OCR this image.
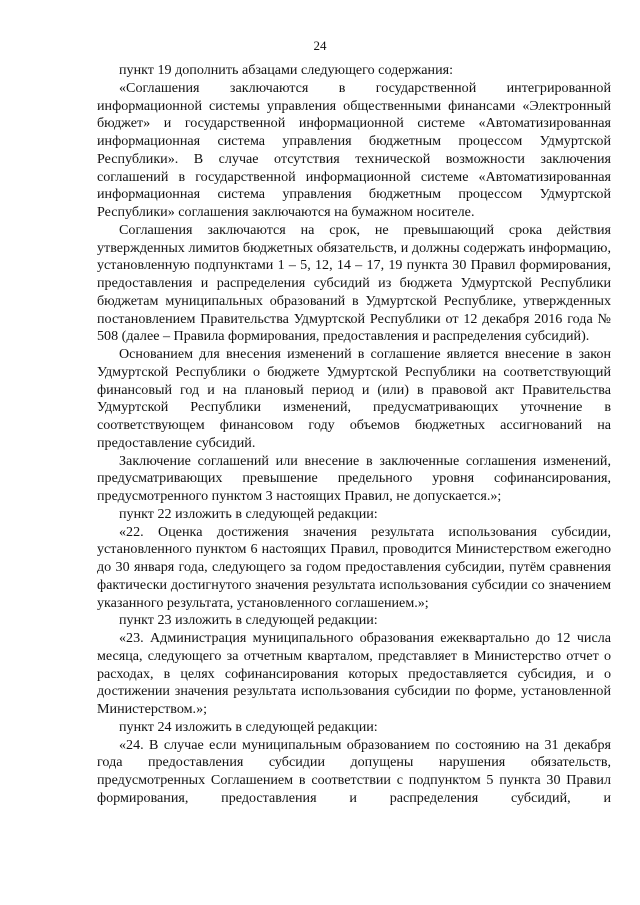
24

пункт 19 дополнить абзацами следующего содержания:

«Соглашения заключаются в государственной интегрированной информационной системы управления общественными финансами «Электронный бюджет» и государственной информационной системе «Автоматизированная информационная система управления бюджетным процессом Удмуртской Республики». В случае отсутствия технической возможности заключения соглашений в государственной информационной системе «Автоматизированная информационная система управления бюджетным процессом Удмуртской Республики» соглашения заключаются на бумажном носителе.

Соглашения заключаются на срок, не превышающий срока действия утвержденных лимитов бюджетных обязательств, и должны содержать информацию, установленную подпунктами 1 – 5, 12, 14 – 17, 19 пункта 30 Правил формирования, предоставления и распределения субсидий из бюджета Удмуртской Республики бюджетам муниципальных образований в Удмуртской Республике, утвержденных постановлением Правительства Удмуртской Республики от 12 декабря 2016 года № 508 (далее – Правила формирования, предоставления и распределения субсидий).

Основанием для внесения изменений в соглашение является внесение в закон Удмуртской Республики о бюджете Удмуртской Республики на соответствующий финансовый год и на плановый период и (или) в правовой акт Правительства Удмуртской Республики изменений, предусматривающих уточнение в соответствующем финансовом году объемов бюджетных ассигнований на предоставление субсидий.

Заключение соглашений или внесение в заключенные соглашения изменений, предусматривающих превышение предельного уровня софинансирования, предусмотренного пунктом 3 настоящих Правил, не допускается.»;

пункт 22 изложить в следующей редакции:

«22. Оценка достижения значения результата использования субсидии, установленного пунктом 6 настоящих Правил, проводится Министерством ежегодно до 30 января года, следующего за годом предоставления субсидии, путём сравнения фактически достигнутого значения результата использования субсидии со значением указанного результата, установленного соглашением.»;

пункт 23 изложить в следующей редакции:

«23. Администрация муниципального образования ежеквартально до 12 числа месяца, следующего за отчетным кварталом, представляет в Министерство отчет о расходах, в целях софинансирования которых предоставляется субсидия, и о достижении значения результата использования субсидии по форме, установленной Министерством.»;

пункт 24 изложить в следующей редакции:

«24. В случае если муниципальным образованием по состоянию на 31 декабря года предоставления субсидии допущены нарушения обязательств, предусмотренных Соглашением в соответствии с подпунктом 5 пункта 30 Правил формирования, предоставления и распределения субсидий, и
